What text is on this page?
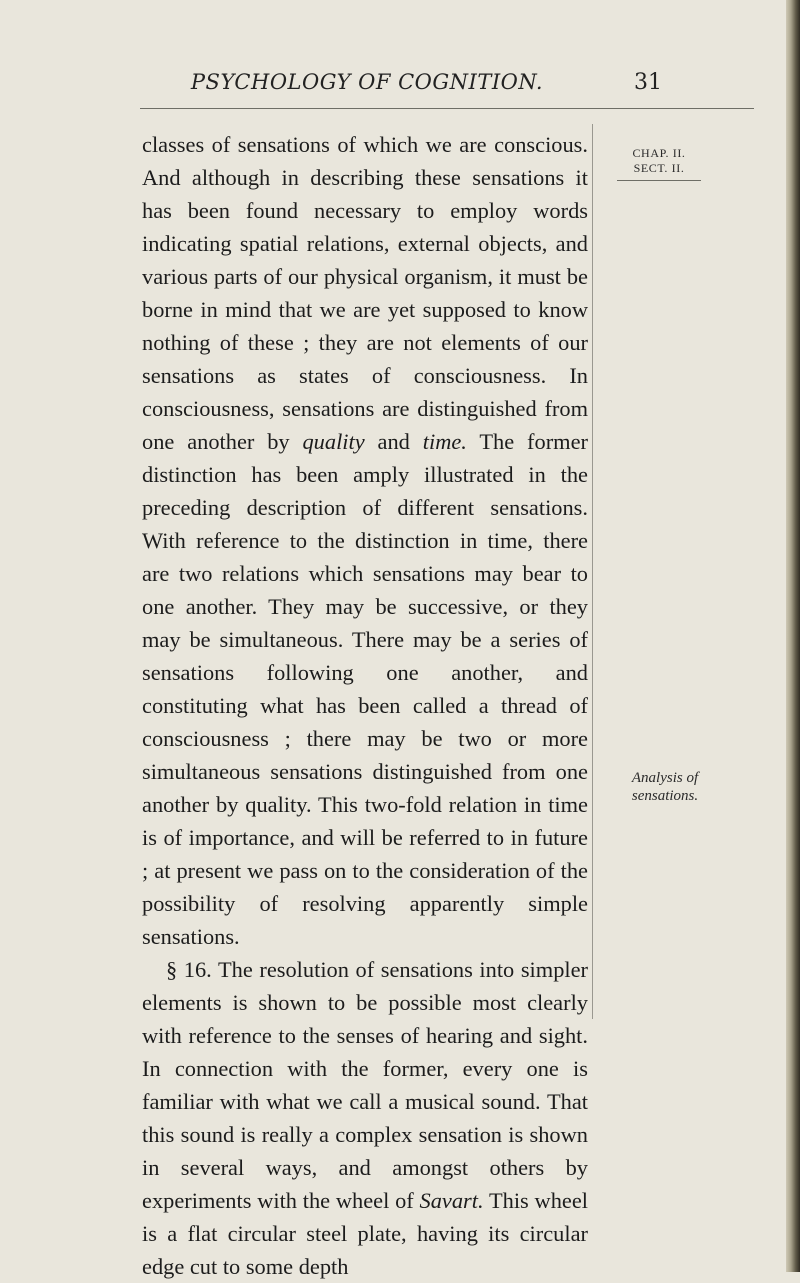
PSYCHOLOGY OF COGNITION.	31
CHAP. II.
SECT. II.
Analysis of
sensations.

classes of sensations of which we are conscious. And although in describing these sensations it has been found necessary to employ words indicating spatial relations, external objects, and various parts of our physical organism, it must be borne in mind that we are yet supposed to know nothing of these ; they are not elements of our sensations as states of consciousness. In consciousness, sensations are distinguished from one another by quality and time. The former distinction has been amply illustrated in the preceding description of different sensations. With reference to the distinction in time, there are two relations which sensations may bear to one another. They may be successive, or they may be simultaneous. There may be a series of sensations following one another, and constituting what has been called a thread of consciousness ; there may be two or more simultaneous sensations distinguished from one another by quality. This two-fold relation in time is of importance, and will be referred to in future ; at present we pass on to the consideration of the possibility of resolving apparently simple sensations.

§ 16. The resolution of sensations into simpler elements is shown to be possible most clearly with reference to the senses of hearing and sight. In connection with the former, every one is familiar with what we call a musical sound. That this sound is really a complex sensation is shown in several ways, and amongst others by experiments with the wheel of Savart. This wheel is a flat circular steel plate, having its circular edge cut to some depth
